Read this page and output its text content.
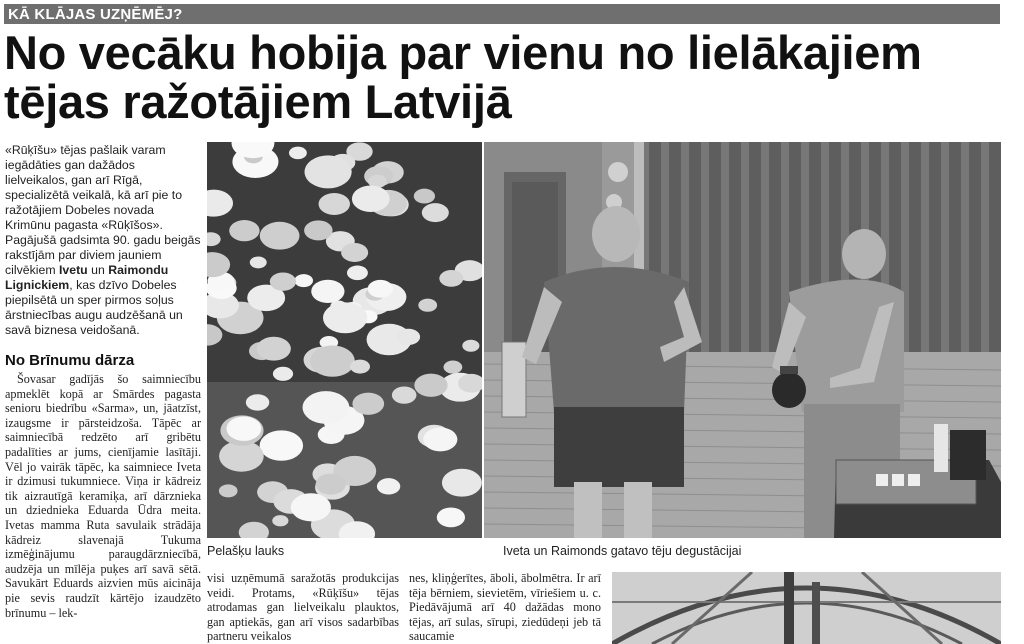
KĀ KLĀJAS UZŅĒMĒJ?
No vecāku hobija par vienu no lielākajiem tējas ražotājiem Latvijā

«Rūķīšu» tējas pašlaik varam iegādāties gan dažādos lielveikalos, gan arī Rīgā, specializētā veikalā, kā arī pie to ražotājiem Dobeles novada Krimūnu pagasta «Rūķīšos». Pagājušā gadsimta 90. gadu beigās rakstījām par diviem jauniem cilvēkiem Ivetu un Raimondu Lignickiem, kas dzīvo Dobeles piepilsētā un sper pirmos soļus ārstniecības augu audzēšanā un savā biznesa veidošanā.

No Brīnumu dārza

Šovasar gadījās šo saimniecību apmeklēt kopā ar Smārdes pagasta senioru biedrību «Sarma», un, jāatzīst, izaugsme ir pārsteidzoša. Tāpēc ar saimniecībā redzēto arī gribētu padalīties ar jums, cienījamie lasītāji. Vēl jo vairāk tāpēc, ka saimniece Iveta ir dzimusi tukumniece. Viņa ir kādreiz tik aizrautīgā keramiķa, arī dārznieka un dziednieka Eduarda Ūdra meita. Ivetas mamma Ruta savulaik strādāja kādreiz slavenajā Tukuma izmēģinājumu paraugdārzniecībā, audzēja un mīlēja puķes arī savā sētā. Savukārt Eduards aizvien mūs aicināja pie sevis raudzīt kārtējo izaudzēto brīnumu – lek-

Pelašķu lauks	Iveta un Raimonds gatavo tēju degustācijai

visi uzņēmumā saražotās produkcijas veidi. Protams, «Rūķīšu» tējas atrodamas gan lielveikalu plauktos, gan aptiekās, gan arī visos sadarbības partneru veikalos

nes, kliņģerītes, āboli, ābolmētra. Ir arī tēja bērniem, sievietēm, vīriešiem u. c. Piedāvājumā arī 40 dažādas mono tējas, arī sulas, sīrupi, ziedūdeņi jeb tā saucamie
